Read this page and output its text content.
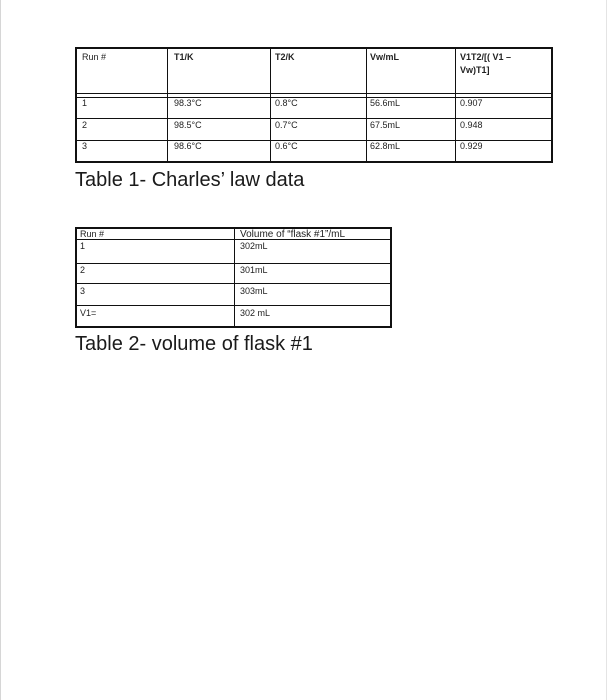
Run #	T1/K	T2/K	Vw/mL	V1T2/[( V1 –
Vw)T1]
1	98.3°C	0.8°C	56.6mL	0.907
2	98.5°C	0.7°C	67.5mL	0.948
3	98.6°C	0.6°C	62.8mL	0.929
Table 1- Charles’ law data
Run #	Volume of “flask #1”/mL
1	302mL
2	301mL
3	303mL
V1=	302 mL
Table 2- volume of flask #1
